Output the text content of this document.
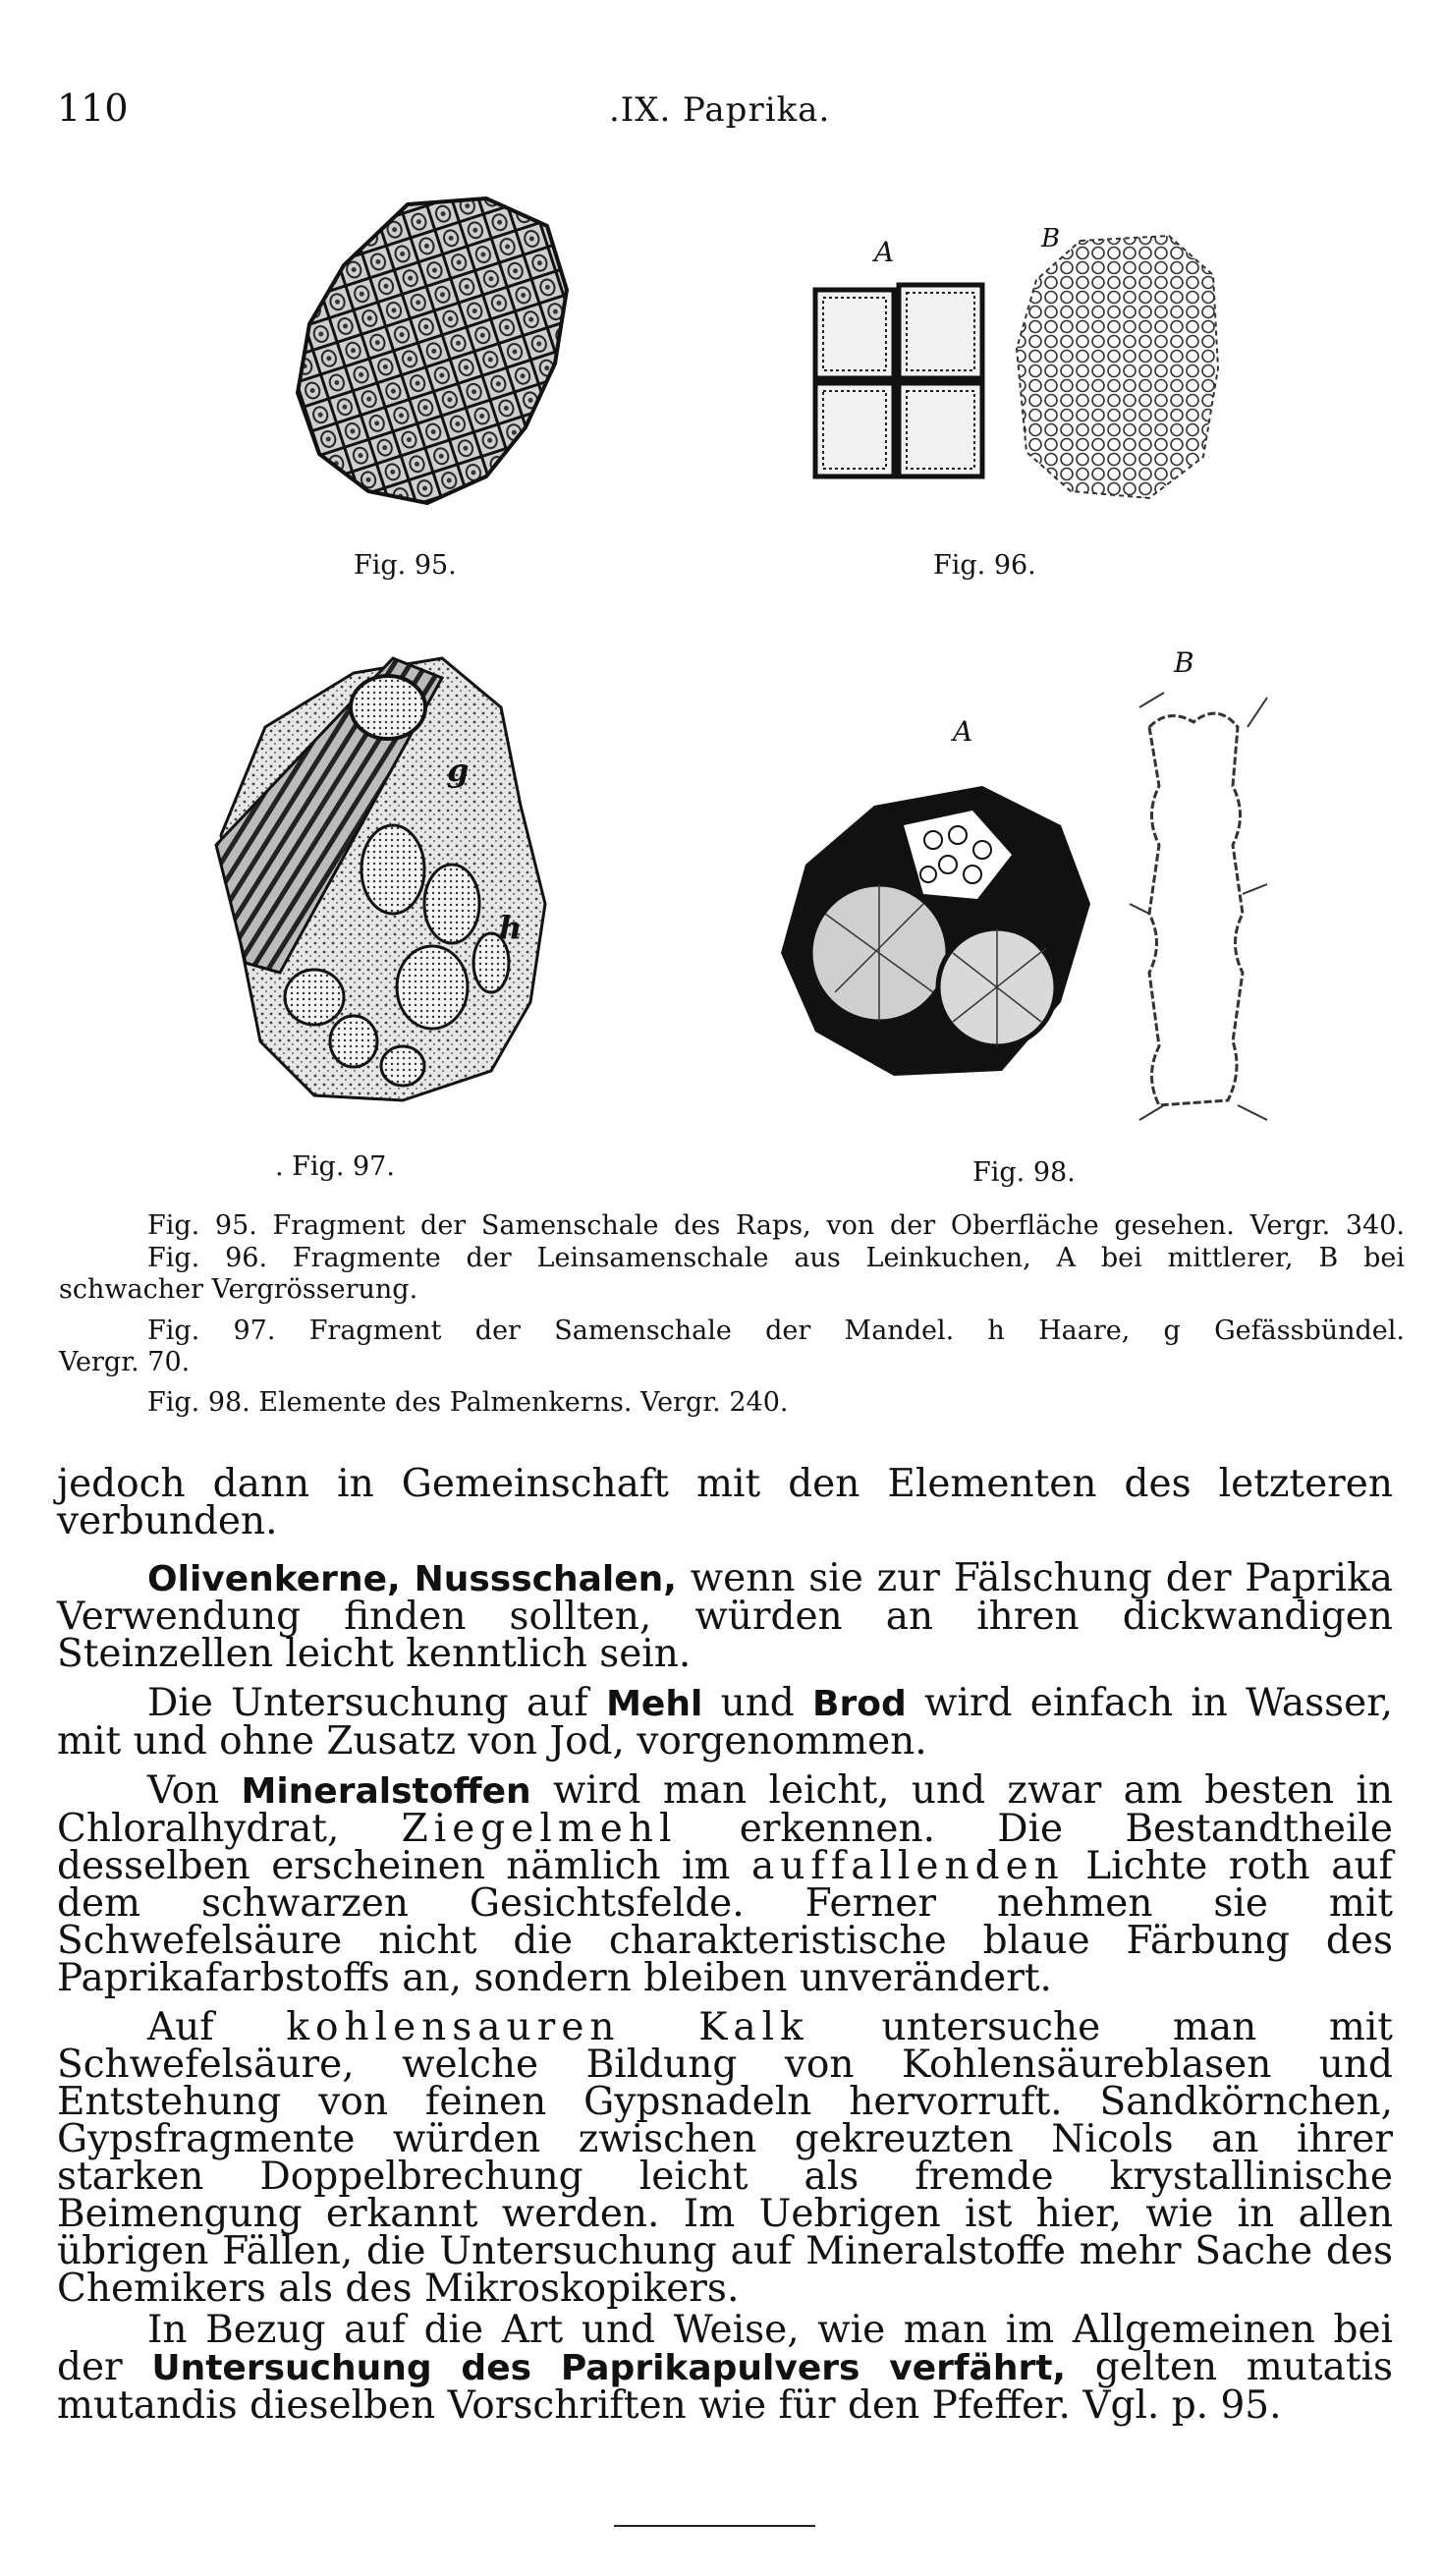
110	.IX. Paprika.
Fig. 95.
A	B
Fig. 96.
g
h
. Fig. 97.
A
B
Fig. 98.
Fig. 95. Fragment der Samenschale des Raps, von der Oberfläche gesehen. Vergr. 340.
Fig. 96. Fragmente der Leinsamenschale aus Leinkuchen, A bei mittlerer, B bei
schwacher Vergrösserung.
Fig. 97. Fragment der Samenschale der Mandel. h Haare, g Gefässbündel.
Vergr. 70.
Fig. 98. Elemente des Palmenkerns. Vergr. 240.

jedoch dann in Gemeinschaft mit den Elementen des letzteren verbunden.

Olivenkerne, Nussschalen, wenn sie zur Fälschung der Paprika Verwendung finden sollten, würden an ihren dickwandigen Steinzellen leicht kenntlich sein.

Die Untersuchung auf Mehl und Brod wird einfach in Wasser, mit und ohne Zusatz von Jod, vorgenommen.

Von Mineralstoffen wird man leicht, und zwar am besten in Chloralhydrat, Ziegelmehl erkennen. Die Bestandtheile desselben erscheinen nämlich im auffallenden Lichte roth auf dem schwarzen Gesichtsfelde. Ferner nehmen sie mit Schwefelsäure nicht die charakteristische blaue Färbung des Paprikafarbstoffs an, sondern bleiben unverändert.

Auf kohlensauren Kalk untersuche man mit Schwefelsäure, welche Bildung von Kohlensäureblasen und Entstehung von feinen Gypsnadeln hervorruft. Sandkörnchen, Gypsfragmente würden zwischen gekreuzten Nicols an ihrer starken Doppelbrechung leicht als fremde krystallinische Beimengung erkannt werden. Im Uebrigen ist hier, wie in allen übrigen Fällen, die Untersuchung auf Mineralstoffe mehr Sache des Chemikers als des Mikroskopikers.

In Bezug auf die Art und Weise, wie man im Allgemeinen bei der Untersuchung des Paprikapulvers verfährt, gelten mutatis mutandis dieselben Vorschriften wie für den Pfeffer. Vgl. p. 95.
